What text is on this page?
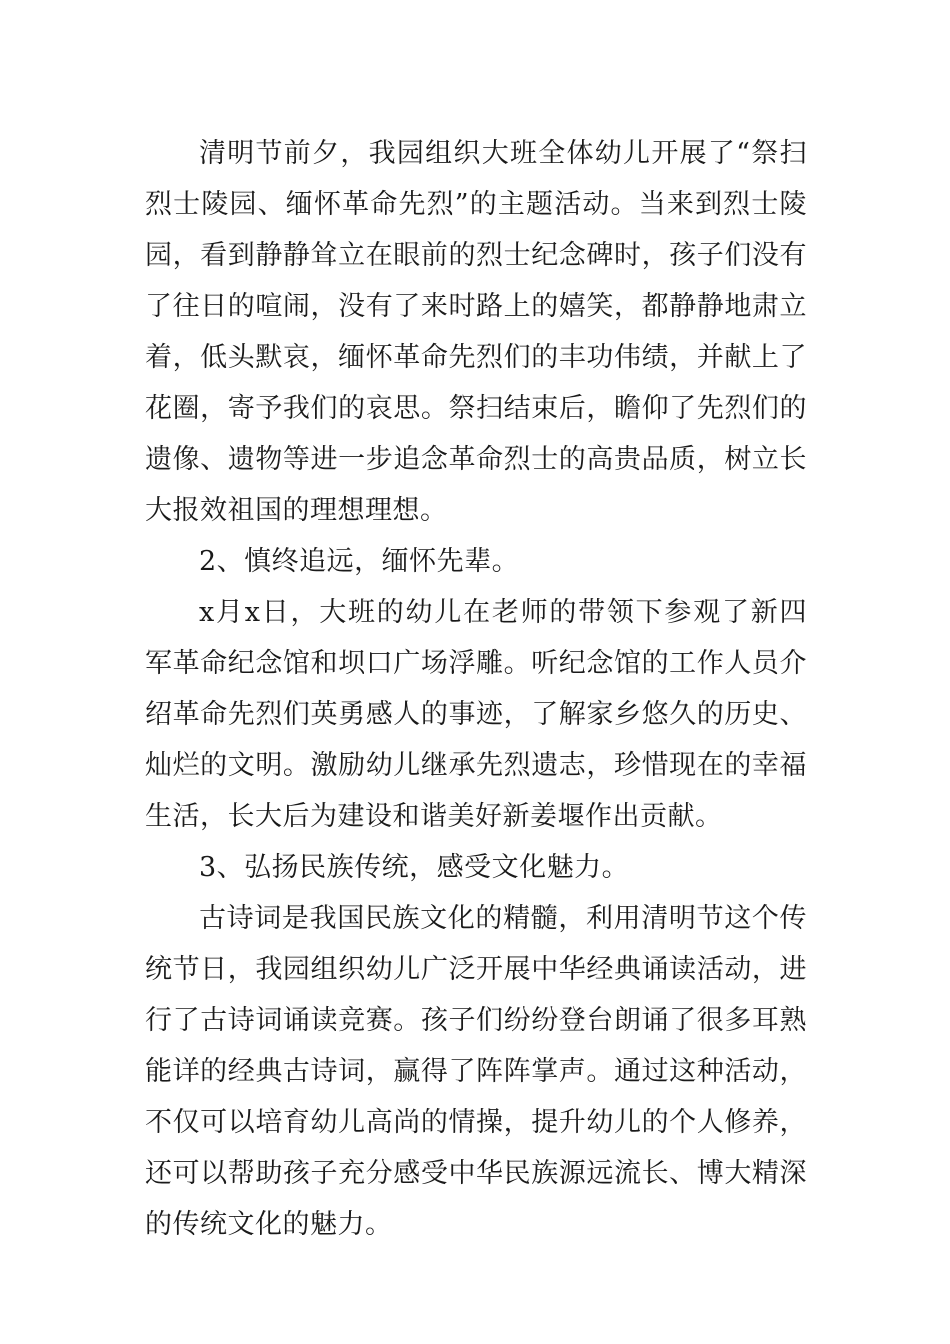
清明节前夕，我园组织大班全体幼儿开展了“祭扫烈士陵园、缅怀革命先烈”的主题活动。当来到烈士陵园，看到静静耸立在眼前的烈士纪念碑时，孩子们没有了往日的喧闹，没有了来时路上的嬉笑，都静静地肃立着，低头默哀，缅怀革命先烈们的丰功伟绩，并献上了花圈，寄予我们的哀思。祭扫结束后，瞻仰了先烈们的遗像、遗物等进一步追念革命烈士的高贵品质，树立长大报效祖国的理想理想。

2、慎终追远，缅怀先辈。

x月x日，大班的幼儿在老师的带领下参观了新四军革命纪念馆和坝口广场浮雕。听纪念馆的工作人员介绍革命先烈们英勇感人的事迹，了解家乡悠久的历史、灿烂的文明。激励幼儿继承先烈遗志，珍惜现在的幸福生活，长大后为建设和谐美好新姜堰作出贡献。

3、弘扬民族传统，感受文化魅力。

古诗词是我国民族文化的精髓，利用清明节这个传统节日，我园组织幼儿广泛开展中华经典诵读活动，进行了古诗词诵读竞赛。孩子们纷纷登台朗诵了很多耳熟能详的经典古诗词，赢得了阵阵掌声。通过这种活动，不仅可以培育幼儿高尚的情操，提升幼儿的个人修养，还可以帮助孩子充分感受中华民族源远流长、博大精深的传统文化的魅力。
